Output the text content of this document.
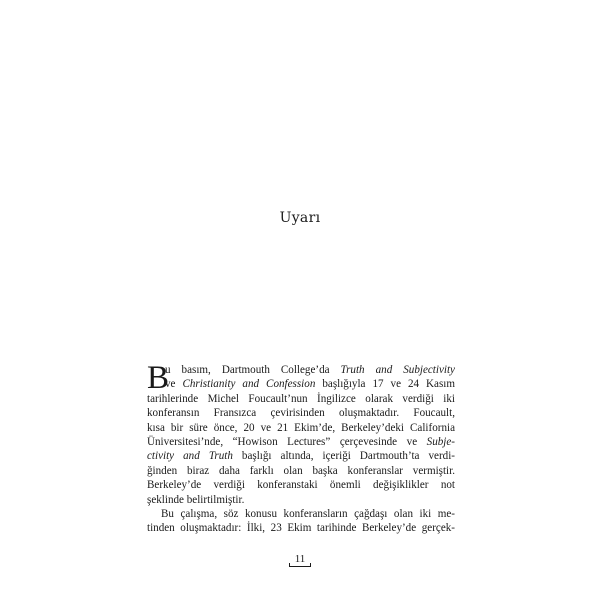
Uyarı
B
u basım, Dartmouth College’da Truth and Subjectivity
ve Christianity and Confession başlığıyla 17 ve 24 Kasım
tarihlerinde Michel Foucault’nun İngilizce olarak verdiği iki
konferansın Fransızca çevirisinden oluşmaktadır. Foucault,
kısa bir süre önce, 20 ve 21 Ekim’de, Berkeley’deki California
Üniversitesi’nde, “Howison Lectures” çerçevesinde ve Subje-
ctivity and Truth başlığı altında, içeriği Dartmouth’ta verdi-
ğinden biraz daha farklı olan başka konferanslar vermiştir.
Berkeley’de verdiği konferanstaki önemli değişiklikler not
şeklinde belirtilmiştir.
Bu çalışma, söz konusu konferansların çağdaşı olan iki me-
tinden oluşmaktadır: İlki, 23 Ekim tarihinde Berkeley’de gerçek-
11
